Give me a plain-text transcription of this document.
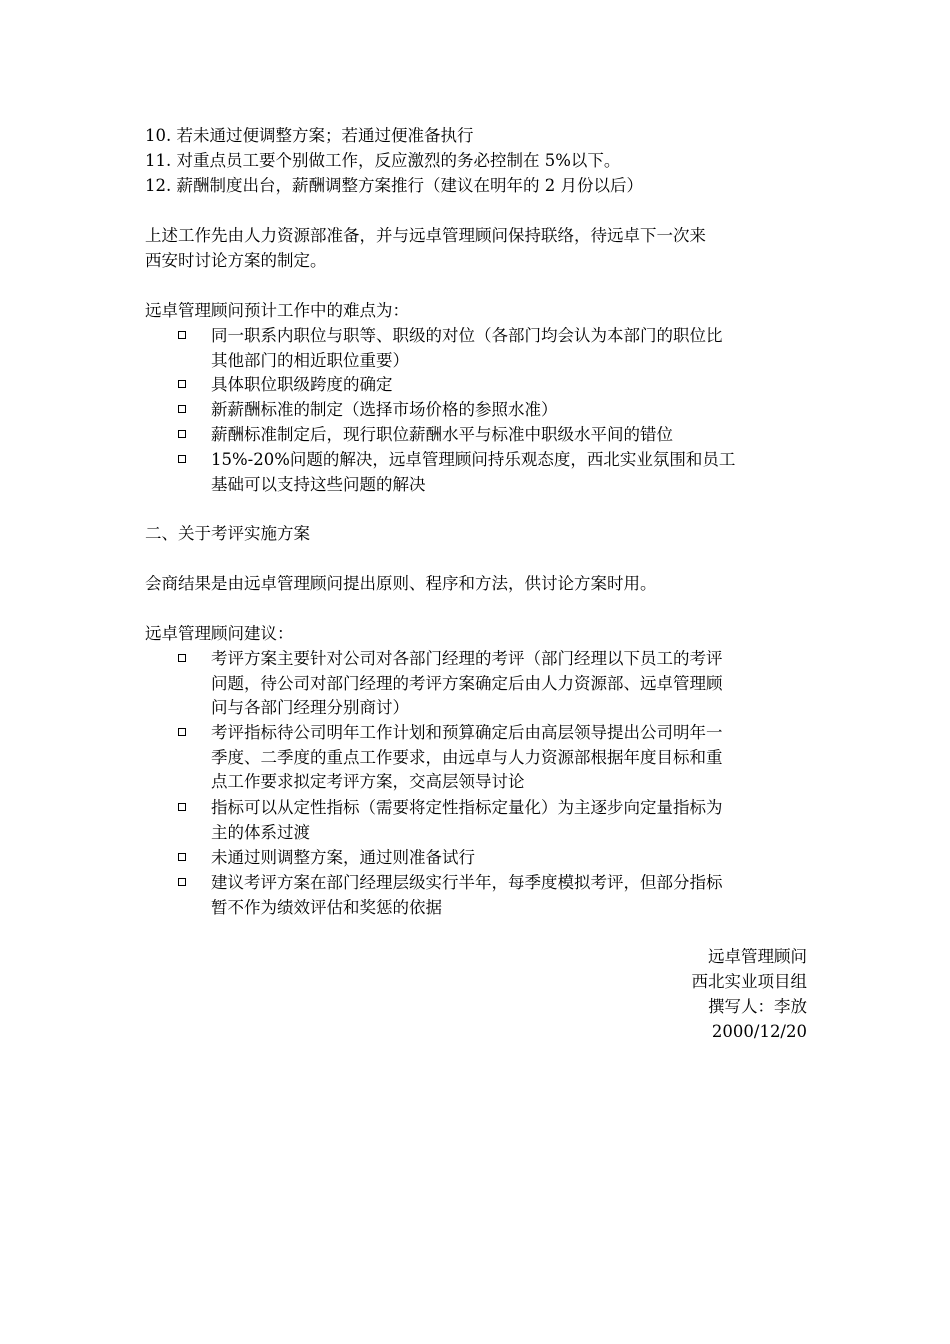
10. 若未通过便调整方案；若通过便准备执行
11. 对重点员工要个别做工作，反应激烈的务必控制在 5%以下。
12. 薪酬制度出台，薪酬调整方案推行（建议在明年的 2 月份以后）
上述工作先由人力资源部准备，并与远卓管理顾问保持联络，待远卓下一次来
西安时讨论方案的制定。
远卓管理顾问预计工作中的难点为：
同一职系内职位与职等、职级的对位（各部门均会认为本部门的职位比
其他部门的相近职位重要）
具体职位职级跨度的确定
新薪酬标准的制定（选择市场价格的参照水准）
薪酬标准制定后，现行职位薪酬水平与标准中职级水平间的错位
15%-20%问题的解决，远卓管理顾问持乐观态度，西北实业氛围和员工
基础可以支持这些问题的解决
二、关于考评实施方案
会商结果是由远卓管理顾问提出原则、程序和方法，供讨论方案时用。
远卓管理顾问建议：
考评方案主要针对公司对各部门经理的考评（部门经理以下员工的考评
问题，待公司对部门经理的考评方案确定后由人力资源部、远卓管理顾
问与各部门经理分别商讨）
考评指标待公司明年工作计划和预算确定后由高层领导提出公司明年一
季度、二季度的重点工作要求，由远卓与人力资源部根据年度目标和重
点工作要求拟定考评方案，交高层领导讨论
指标可以从定性指标（需要将定性指标定量化）为主逐步向定量指标为
主的体系过渡
未通过则调整方案，通过则准备试行
建议考评方案在部门经理层级实行半年，每季度模拟考评，但部分指标
暂不作为绩效评估和奖惩的依据
远卓管理顾问
西北实业项目组
撰写人：李放
2000/12/20
